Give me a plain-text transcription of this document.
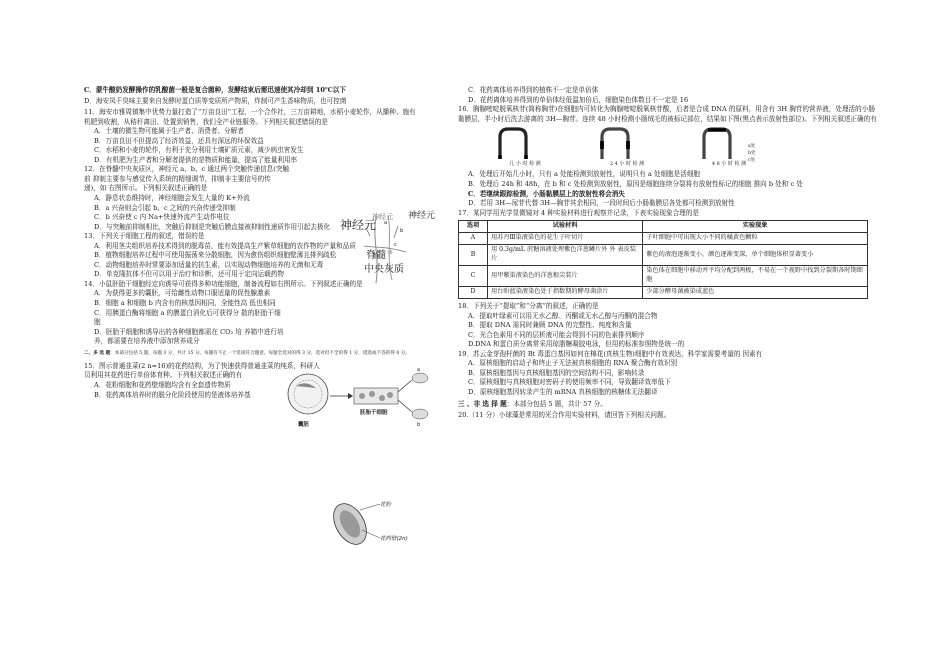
C．蒙牛酸奶发酵操作的乳酸菌一般是复合菌种，发酵结束后需迅速使其冷却到 10℃以下

D．海安凤千臭味主要来自发酵时蛋白质等变质所产物质，炸制可产生香味物质，也可控菌

11．海安市雅周镇集中优势力量打造了“万亩良田”工程，一个合作社，三万亩耕地，水稻小麦轮作，从播种、施有机肥到收割，从秸秆离田、处置到销售，我们全产业链服务。下列相关叙述错误的是

A．土壤的微生物可能属于生产者、消费者、分解者

B．万亩良田不但提高了经济效益，还具有深远的环保效益

C．水稻和小麦的轮作，有利于充分利用土壤矿质元素，减少病虫害发生

D．有机肥为生产者和分解者提供的是物质和能量，提高了能量利用率

12．在脊髓中央灰质区，神经元 a、b、c 通过两个突触传递信息(突触

前 抑制主要参与感觉传入系统的精细调节，抑制非主要信号的传

递)，如 右图所示。下列相关叙述正确的是

A．静息状态维持时，神经细胞会发生大量的 K+外流

B．a 兴奋则会引起 b、c 之间的兴奋传递受抑制

C．b 兴奋使 c 内 Na+快速外流产生动作电位

D．与突触前抑制相比，突触后抑制是突触后膜直接被抑制性递质作用引起去极化

13．下列关于细胞工程的叙述，错误的是

A．利用茎尖组织培养技术得到的脱毒苗，能有效提高生产紫草细胞的农作物的产量和品质

B．植物细胞培养过程中可使用振荡来分散细胞，因为愈伤组织细胞壁薄且排列疏松

C．动物细胞培养时常要添加适量的抗生素，以实现动物细胞培养的无菌和无毒

D．单克隆抗体不但可以用于治疗和诊断，还可用于定向运载药物

14．小鼠胚胎干细胞经定向诱导可获得多种功能细胞，制备流程如右图所示。下列叙述正确的是

A．为获得更多的囊胚，可给雌性动物口服适量的促性腺激素

B．细胞 a 和细胞 b 内含有的核基因相同，全能性高 低也相同

C．用胰蛋白酶将细胞 a 的膜蛋白消化后可获得分 散的胚胎干细胞

D．胚胎干细胞和诱导出的各种细胞都需在 CO₂ 培 养箱中进行培养，都需要在培养液中添加营养成分

二、多 选 题：本部分包括 5 题，每题 3 分，共计 15 分。每题有不止一个选项符合题意。每题全选对的得 3 分，选对但不全的得 1 分，错选或不答的得 0 分。

15．图示普通韭菜(2 n=16)的花药结构，为了快速获得普通韭菜的纯系，科研人员利用其花药进行单倍体育种。下列相关叙述正确的有

A．花粉细胞和花药壁细胞均含有全套遗传物质

B．花药离体培养时的脱分化阶段使用的是液体培养基

神经元
神经元 神经元
脊髓
中央灰质
a
b
c
囊胚
胚胎干细胞
a
b
花粉
花药壁(2n)

C．花药离体培养得到的植株不一定是单倍体

D．花药离体培养得到的单倍体经低温加倍后，细胞染色体数目不一定是 16

16．胸腺嘧啶脱氧核苷(简称胸苷)在细胞内可转化为胸腺嘧啶脱氧核苷酸，后者是合成 DNA 的原料，用含有 3H 胸苷的营养液，处理活的小肠黏膜层，半小时后洗去游离的 3H—胸苷。连续 48 小时检测小肠绒毛的被标记部位，结果如下图(黑点表示放射性部位)。下列相关叙述正确的有

几 小 时 检 测	2 4 小 时 检 测	4 8 小 时 检 测
a处
b处
c处

A．处理后开始几小时，只有 a 处能检测到放射性，说明只有 a 处细胞是活细胞

B．处理后 24h 和 48h，在 b 和 c 处检测到放射性，原因是细胞连续分裂将有放射性标记的细胞 推向 b 处和 c 处

C．若继续跟踪检测，小肠黏膜层上的放射性将会消失

D．若用 3H—尿苷代替 3H—胸苷其余相同，一段时间后小肠黏膜层各处都可检测到放射性

17．某同学用光学显微镜对 4 种实验材料进行观察并记录，下表实验现象合理的是

选项	试验材料	实验现象
A	用苏丹Ⅲ染液染色的花生子叶切片	子叶细胞中可出现大小不同的橘黄色颗粒
B	用 0.3g/mL 蔗糖溶液处理紫色洋葱鳞片外 外 表皮装片	紫色的液泡逐渐变小，颜色逐渐变深，单个细胞体积显著变小
C	用甲紫染液染色的洋葱根尖装片	染色体在细胞中移动并平均分配到两极，不易在一个视野中找到分裂期各时期细胞
D	用台盼蓝染液染色处于指数期的酵母菌涂片	少部分酵母菌被染成蓝色

18．下列关于“提取”和“分离”的叙述，正确的是

A．提取叶绿素可以用无水乙醇、丙酮或无水乙醇与丙酮的混合物

B．提取 DNA 需同时兼顾 DNA 的完整性、纯度和含量

C．光合色素用不同的层析液可能会得到不同的色素排列顺序

D.DNA 和蛋白质分离常采用琼脂糖凝胶电泳，但用的标准参照物是统一的

19．苏云金芽孢杆菌的 Bt 毒蛋白基因如何在棉花(真核生物)细胞中有效表达，科学家需要考量的 因素有

A．原核细胞的启动子和终止子无法被真核细胞的 RNA 聚合酶有效识别

B．原核细胞基因与真核细胞基因的空间结构不同，影响转录

C．原核细胞与真核细胞对密码子的使用频率不同，导致翻译效率低下

D．原核细胞基因转录产生的 mRNA 真核细胞的核糖体无法翻译

三 、非 选 择 题：本部分包括 5 题，共计 57 分。

20.（11 分）小球藻是常用的光合作用实验材料，请回答下列相关问题。
